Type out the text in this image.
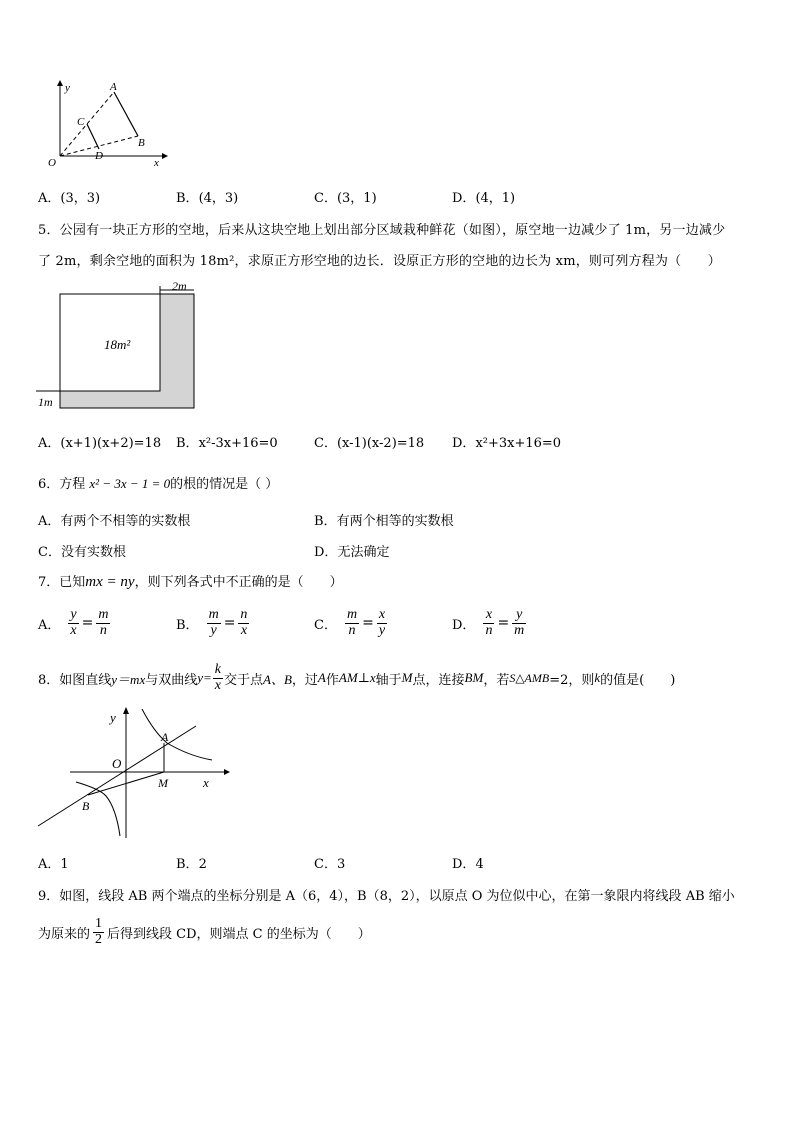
y
x
O
A
B
C
D
A．(3，3)	B．(4，3)	C．(3，1)	D．(4，1)
5．公园有一块正方形的空地，后来从这块空地上划出部分区域栽种鲜花（如图），原空地一边减少了 1m，另一边减少
了 2m，剩余空地的面积为 18m²，求原正方形空地的边长．设原正方形的空地的边长为 xm，则可列方程为（　　）
2m
1m
18m²
A．(x+1)(x+2)=18 B．x²-3x+16=0	C．(x-1)(x-2)=18 D．x²+3x+16=0
6．方程 x² − 3x − 1 = 0的根的情况是（ ）
A．有两个不相等的实数根	B．有两个相等的实数根
C．没有实数根	D．无法确定
7．已知mx = ny，则下列各式中不正确的是（　　）
A． $\frac{y}{x} = \frac{m}{n}$	B． $\frac{m}{y} = \frac{n}{x}$	C． $\frac{m}{n} = \frac{x}{y}$	D． $\frac{x}{n} = \frac{y}{m}$
8．如图直线 y＝mx 与双曲线 $y= \frac{k}{x}$ 交于点 A、B ，过 A 作 AM⊥x 轴于 M 点，连接 BM ，若 S△AMB =2，则 k 的值是(　　)
y
x
O
A
B
M
A．1	B．2	C．3	D．4
9．如图，线段 AB 两个端点的坐标分别是 A（6，4），B（8，2），以原点 O 为位似中心，在第一象限内将线段 AB 缩小
为原来的 $\frac{1}{2}$ 后得到线段 CD，则端点 C 的坐标为（　　）
